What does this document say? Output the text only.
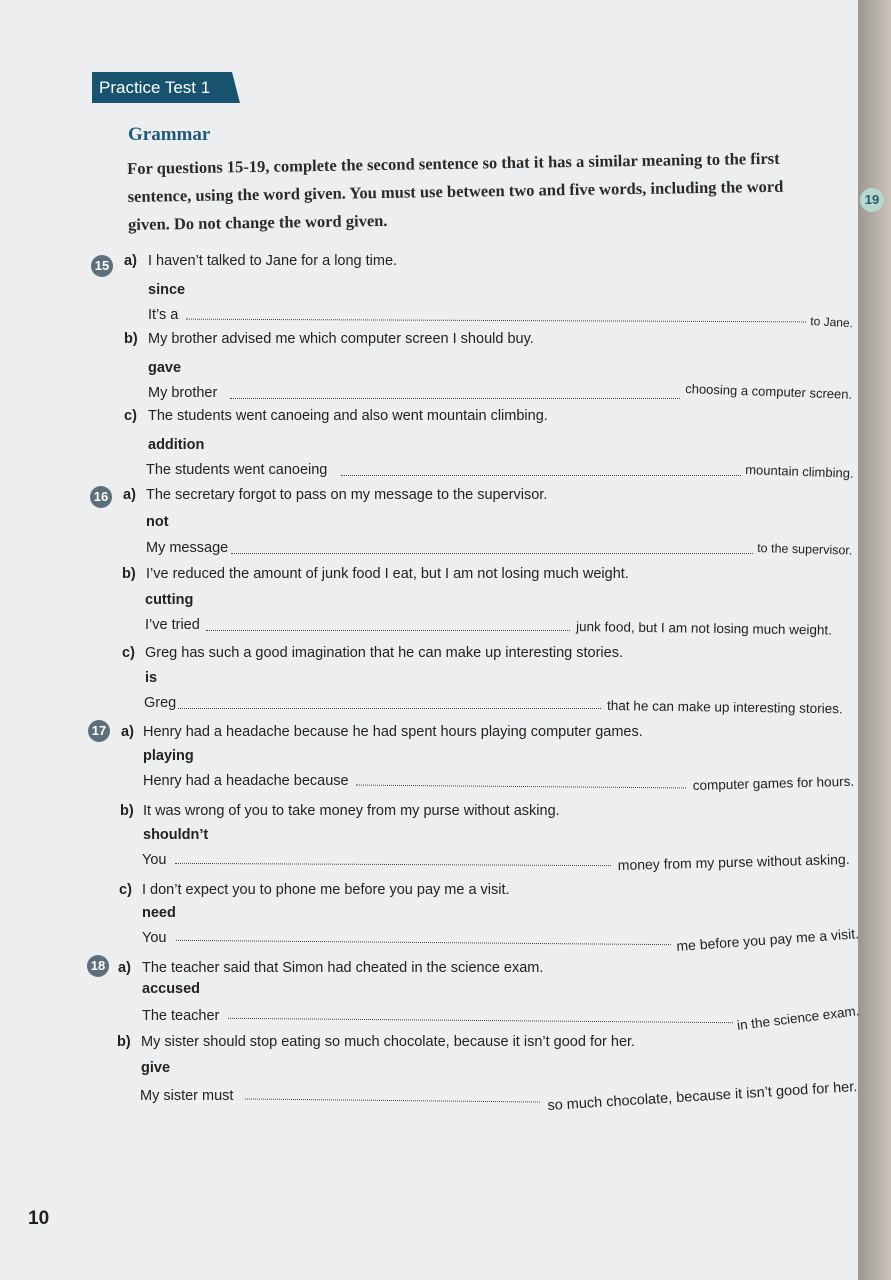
Practice Test 1
Grammar
For questions 15-19, complete the second sentence so that it has a similar meaning to the first sentence, using the word given. You must use between two and five words, including the word given. Do not change the word given.
19
15 a) I haven’t talked to Jane for a long time.
since
It’s a	to Jane.
b) My brother advised me which computer screen I should buy.
gave
My brother	choosing a computer screen.
c) The students went canoeing and also went mountain climbing.
addition
The students went canoeing	mountain climbing.
16 a) The secretary forgot to pass on my message to the supervisor.
not
My message	to the supervisor.
b) I’ve reduced the amount of junk food I eat, but I am not losing much weight.
cutting
I’ve tried	junk food, but I am not losing much weight.
c) Greg has such a good imagination that he can make up interesting stories.
is
Greg	that he can make up interesting stories.
17 a) Henry had a headache because he had spent hours playing computer games.
playing
Henry had a headache because	computer games for hours.
b) It was wrong of you to take money from my purse without asking.
shouldn’t
You	money from my purse without asking.
c) I don’t expect you to phone me before you pay me a visit.
need
You	me before you pay me a visit.
18 a) The teacher said that Simon had cheated in the science exam.
accused
The teacher	in the science exam.
b) My sister should stop eating so much chocolate, because it isn’t good for her.
give
My sister must	so much chocolate, because it isn’t good for her.
10
